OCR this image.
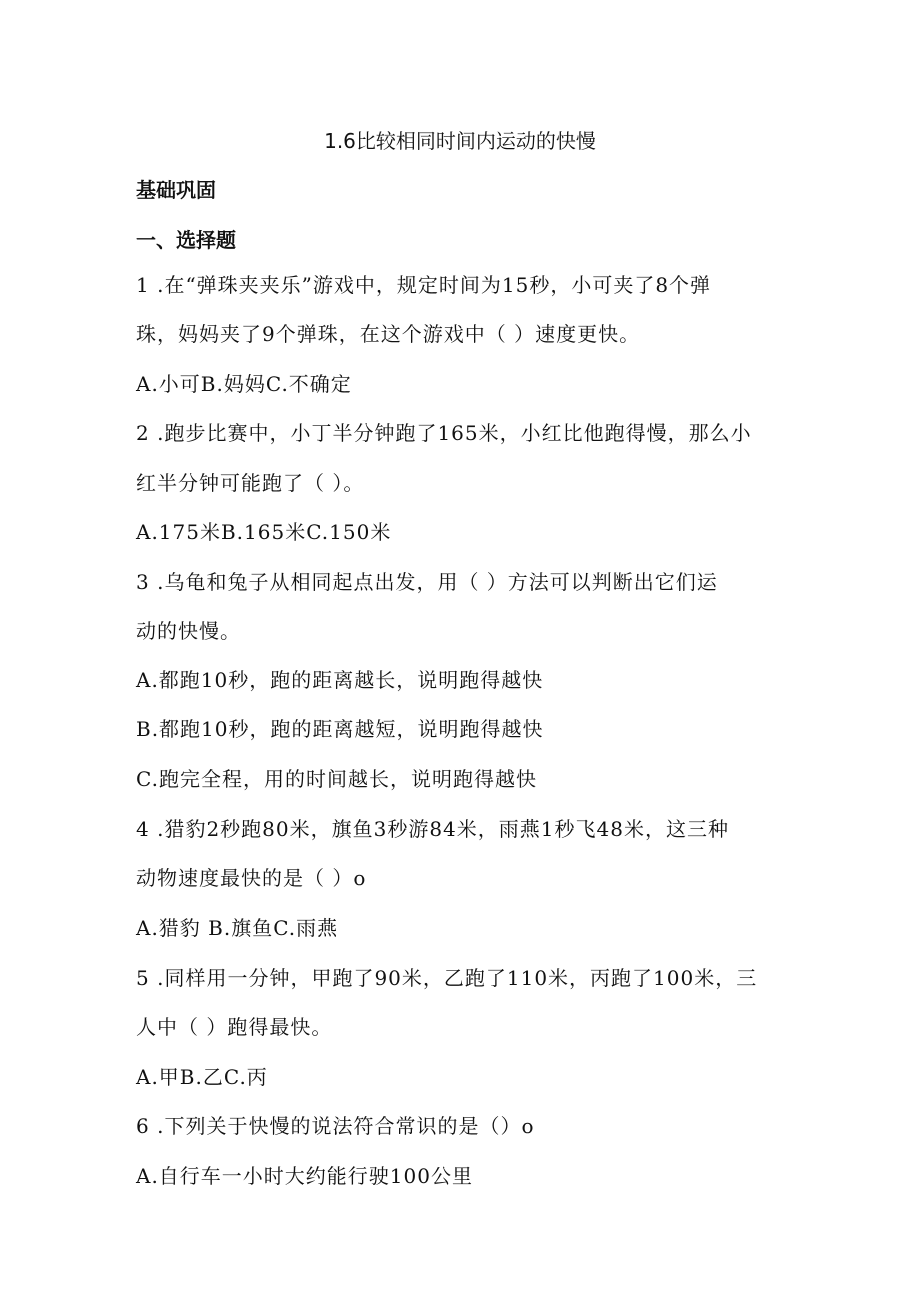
1.6比较相同时间内运动的快慢
基础巩固
一、选择题
1 .在“弹珠夹夹乐”游戏中，规定时间为15秒，小可夹了8个弹
珠，妈妈夹了9个弹珠，在这个游戏中（ ）速度更快。
A.小可B.妈妈C.不确定
2 .跑步比赛中，小丁半分钟跑了165米，小红比他跑得慢，那么小
红半分钟可能跑了（ ）。
A.175米B.165米C.150米
3 .乌龟和兔子从相同起点出发，用（ ）方法可以判断出它们运
动的快慢。
A.都跑10秒，跑的距离越长，说明跑得越快
B.都跑10秒，跑的距离越短，说明跑得越快
C.跑完全程，用的时间越长，说明跑得越快
4 .猎豹2秒跑80米，旗鱼3秒游84米，雨燕1秒飞48米，这三种
动物速度最快的是（ ）o
A.猎豹 B.旗鱼C.雨燕
5 .同样用一分钟，甲跑了90米，乙跑了110米，丙跑了100米，三
人中（ ）跑得最快。
A.甲B.乙C.丙
6 .下列关于快慢的说法符合常识的是（）o
A.自行车一小时大约能行驶100公里
